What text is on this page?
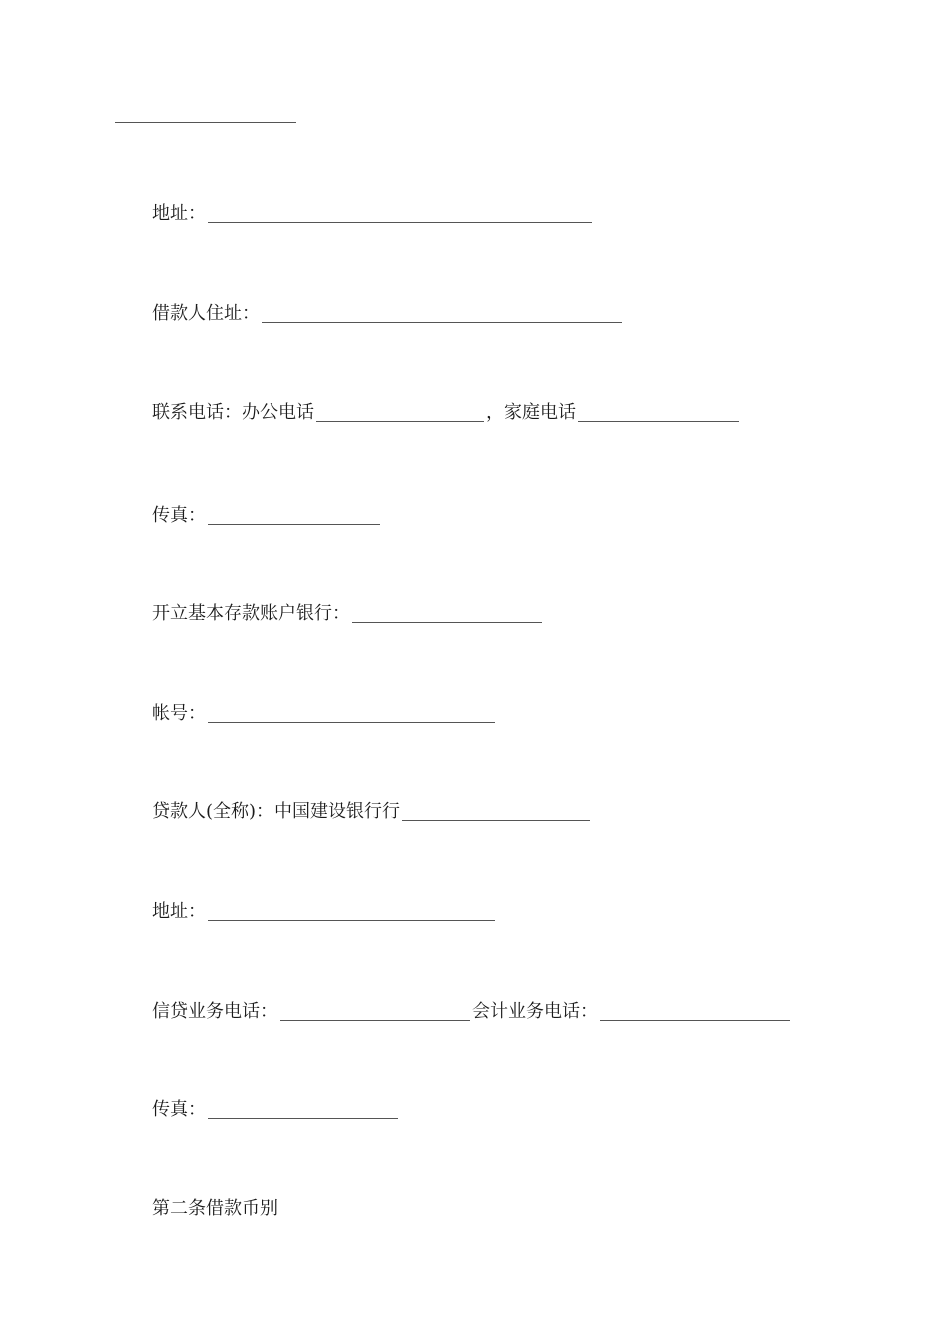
地址：
借款人住址：
联系电话：办公电话	，家庭电话
传真：
开立基本存款账户银行：
帐号：
贷款人(全称)：中国建设银行行
地址：
信贷业务电话：	会计业务电话：
传真：
第二条借款币别
